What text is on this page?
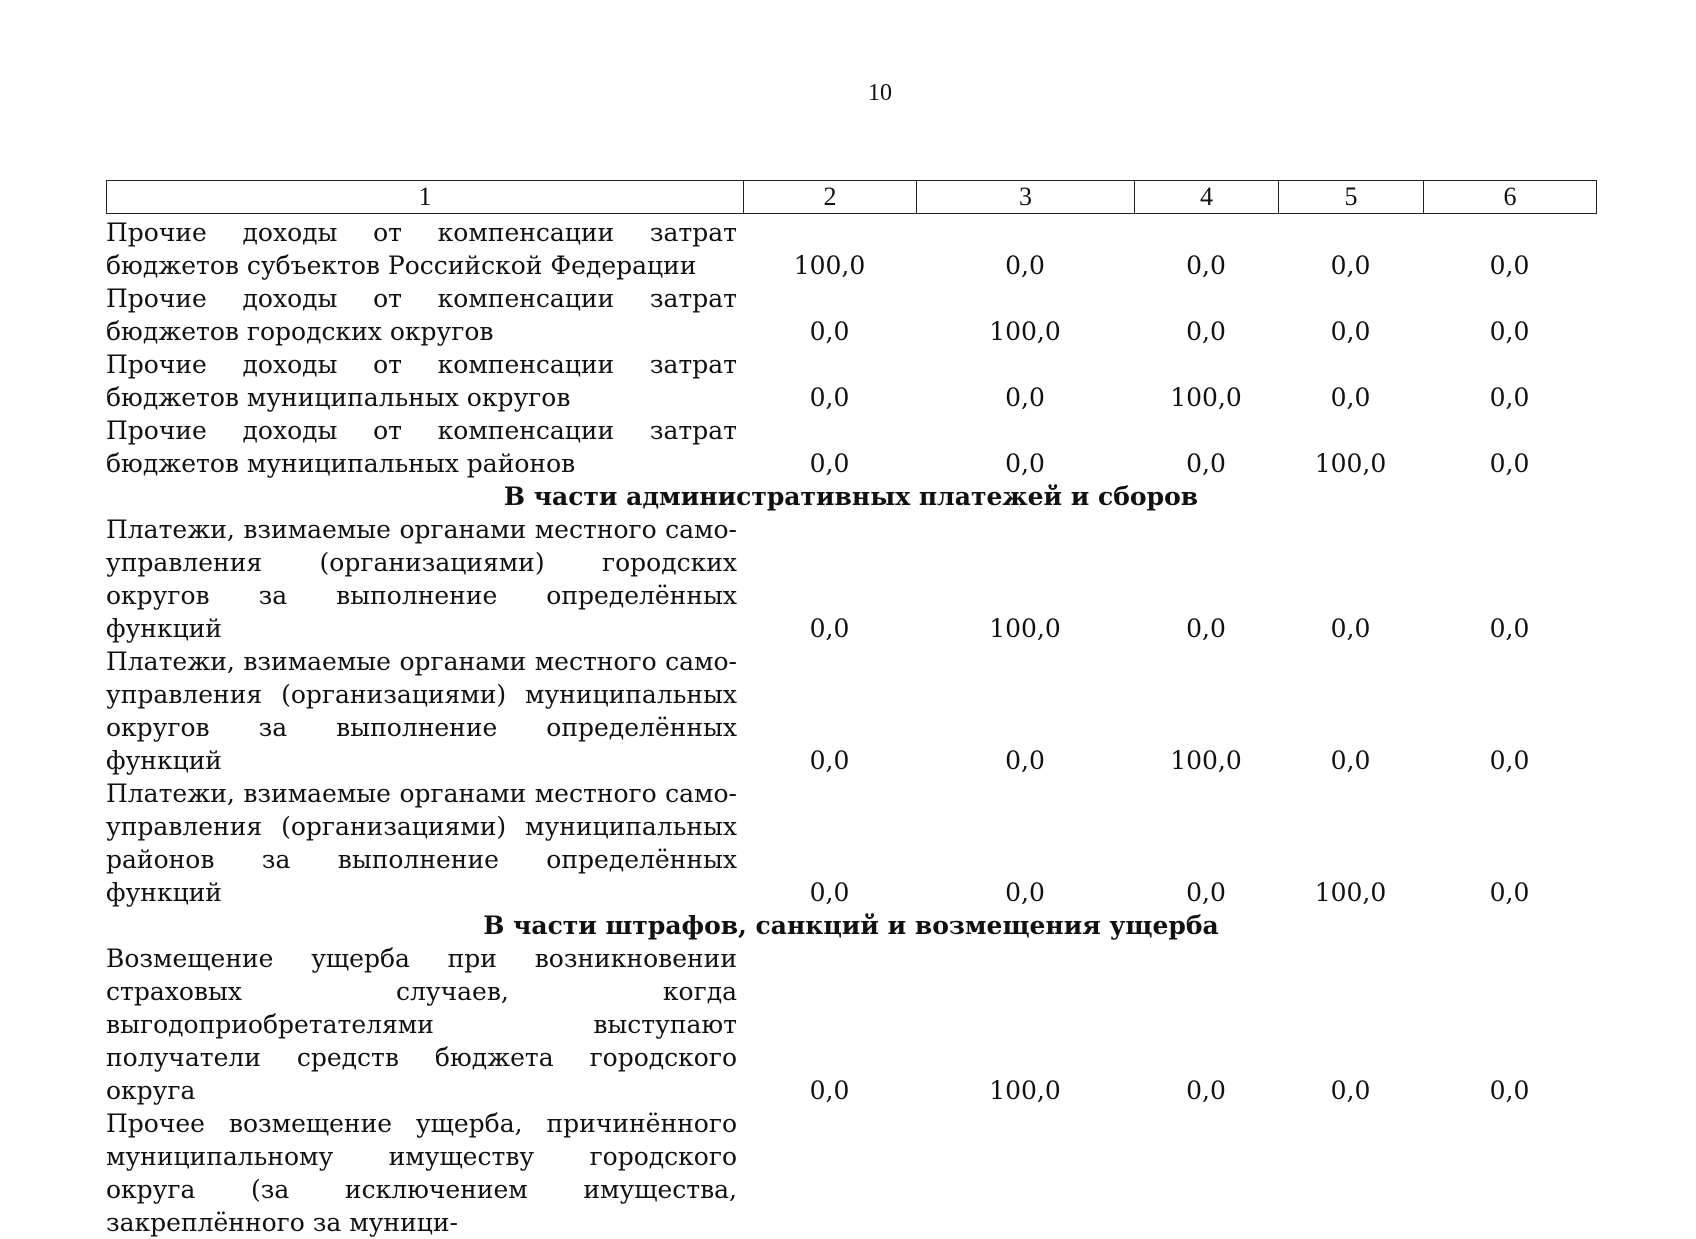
10
1	2	3	4	5	6
Прочие доходы от компенсации затрат бюджетов субъектов Российской Федерации	100,0	0,0	0,0	0,0	0,0
Прочие доходы от компенсации затрат бюджетов городских округов	0,0	100,0	0,0	0,0	0,0
Прочие доходы от компенсации затрат бюджетов муниципальных округов	0,0	0,0	100,0	0,0	0,0
Прочие доходы от компенсации затрат бюджетов муниципальных районов	0,0	0,0	0,0	100,0	0,0
В части административных платежей и сборов					
Платежи, взимаемые органами местного самоуправления (организациями) городских округов за выполнение определённых функций	0,0	100,0	0,0	0,0	0,0
Платежи, взимаемые органами местного самоуправления (организациями) муниципальных округов за выполнение определённых функций	0,0	0,0	100,0	0,0	0,0
Платежи, взимаемые органами местного самоуправления (организациями) муниципальных районов за выполнение определённых функций	0,0	0,0	0,0	100,0	0,0
В части штрафов, санкций и возмещения ущерба					
Возмещение ущерба при возникновении страховых случаев, когда выгодоприобретателями выступают получатели средств бюджета городского округа	0,0	100,0	0,0	0,0	0,0
Прочее возмещение ущерба, причинённого муниципальному имуществу городского округа (за исключением имущества, закреплённого за муници-					
